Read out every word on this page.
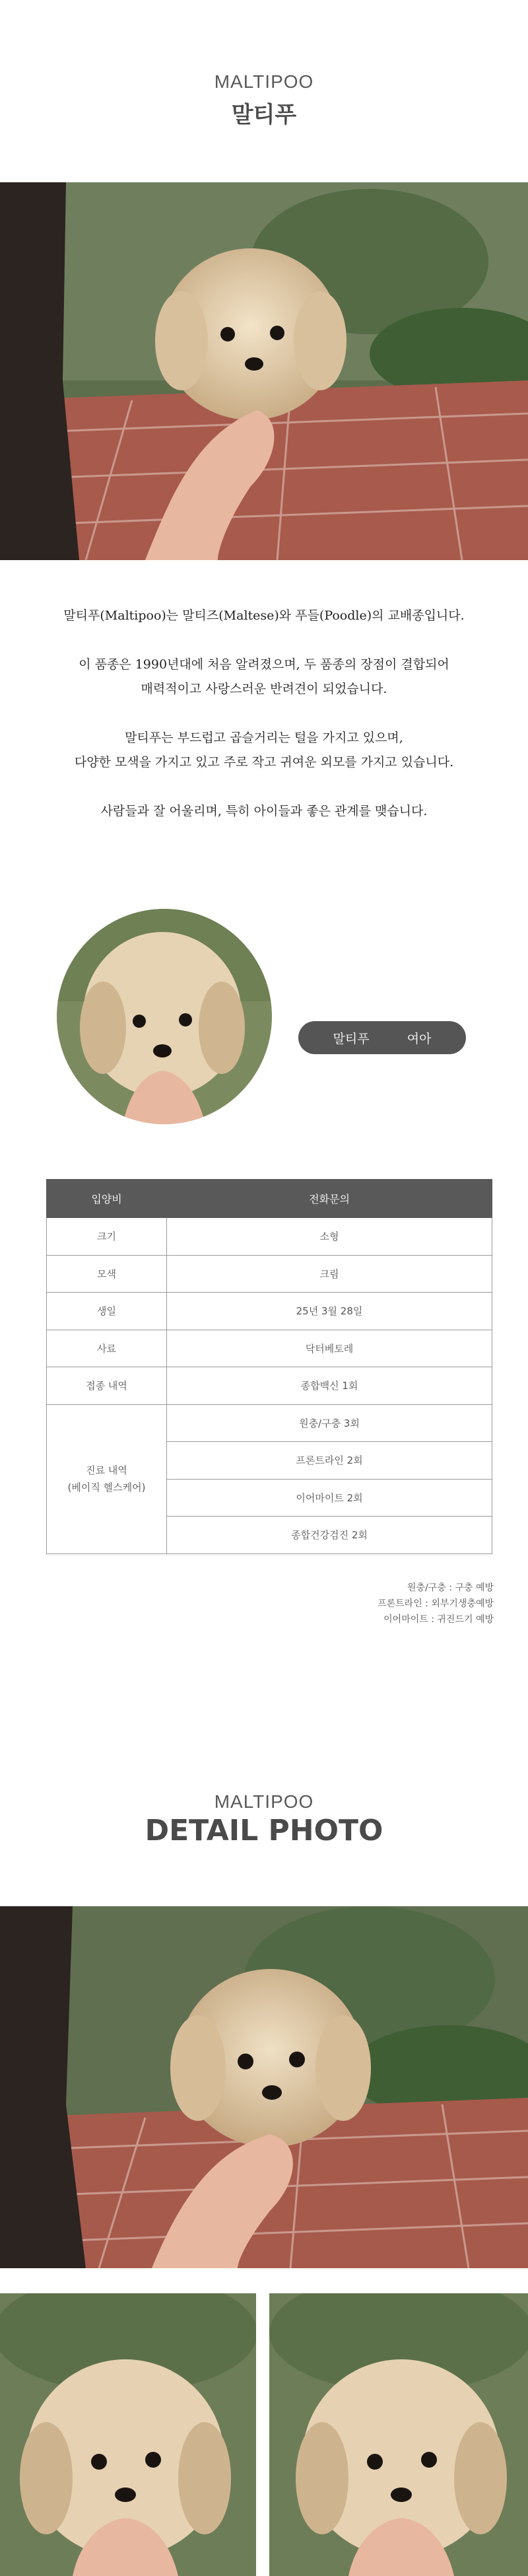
MALTIPOO
말티푸

말티푸(Maltipoo)는 말티즈(Maltese)와 푸들(Poodle)의 교배종입니다.

이 품종은 1990년대에 처음 알려졌으며, 두 품종의 장점이 결합되어
매력적이고 사랑스러운 반려견이 되었습니다.

말티푸는 부드럽고 곱슬거리는 털을 가지고 있으며,
다양한 모색을 가지고 있고 주로 작고 귀여운 외모를 가지고 있습니다.

사람들과 잘 어울리며, 특히 아이들과 좋은 관계를 맺습니다.

말티푸	여아
입양비	전화문의
크기	소형
모색	크림
생일	25년 3월 28일
사료	닥터베토레
접종 내역	종합백신 1회
진료 내역
(베이직 헬스케어)	원충/구충 3회
	프론트라인 2회
	이어마이트 2회
	종합건강검진 2회
원충/구충 : 구충 예방
프론트라인 : 외부기생충예방
이어마이트 : 귀진드기 예방
MALTIPOO
DETAIL PHOTO
